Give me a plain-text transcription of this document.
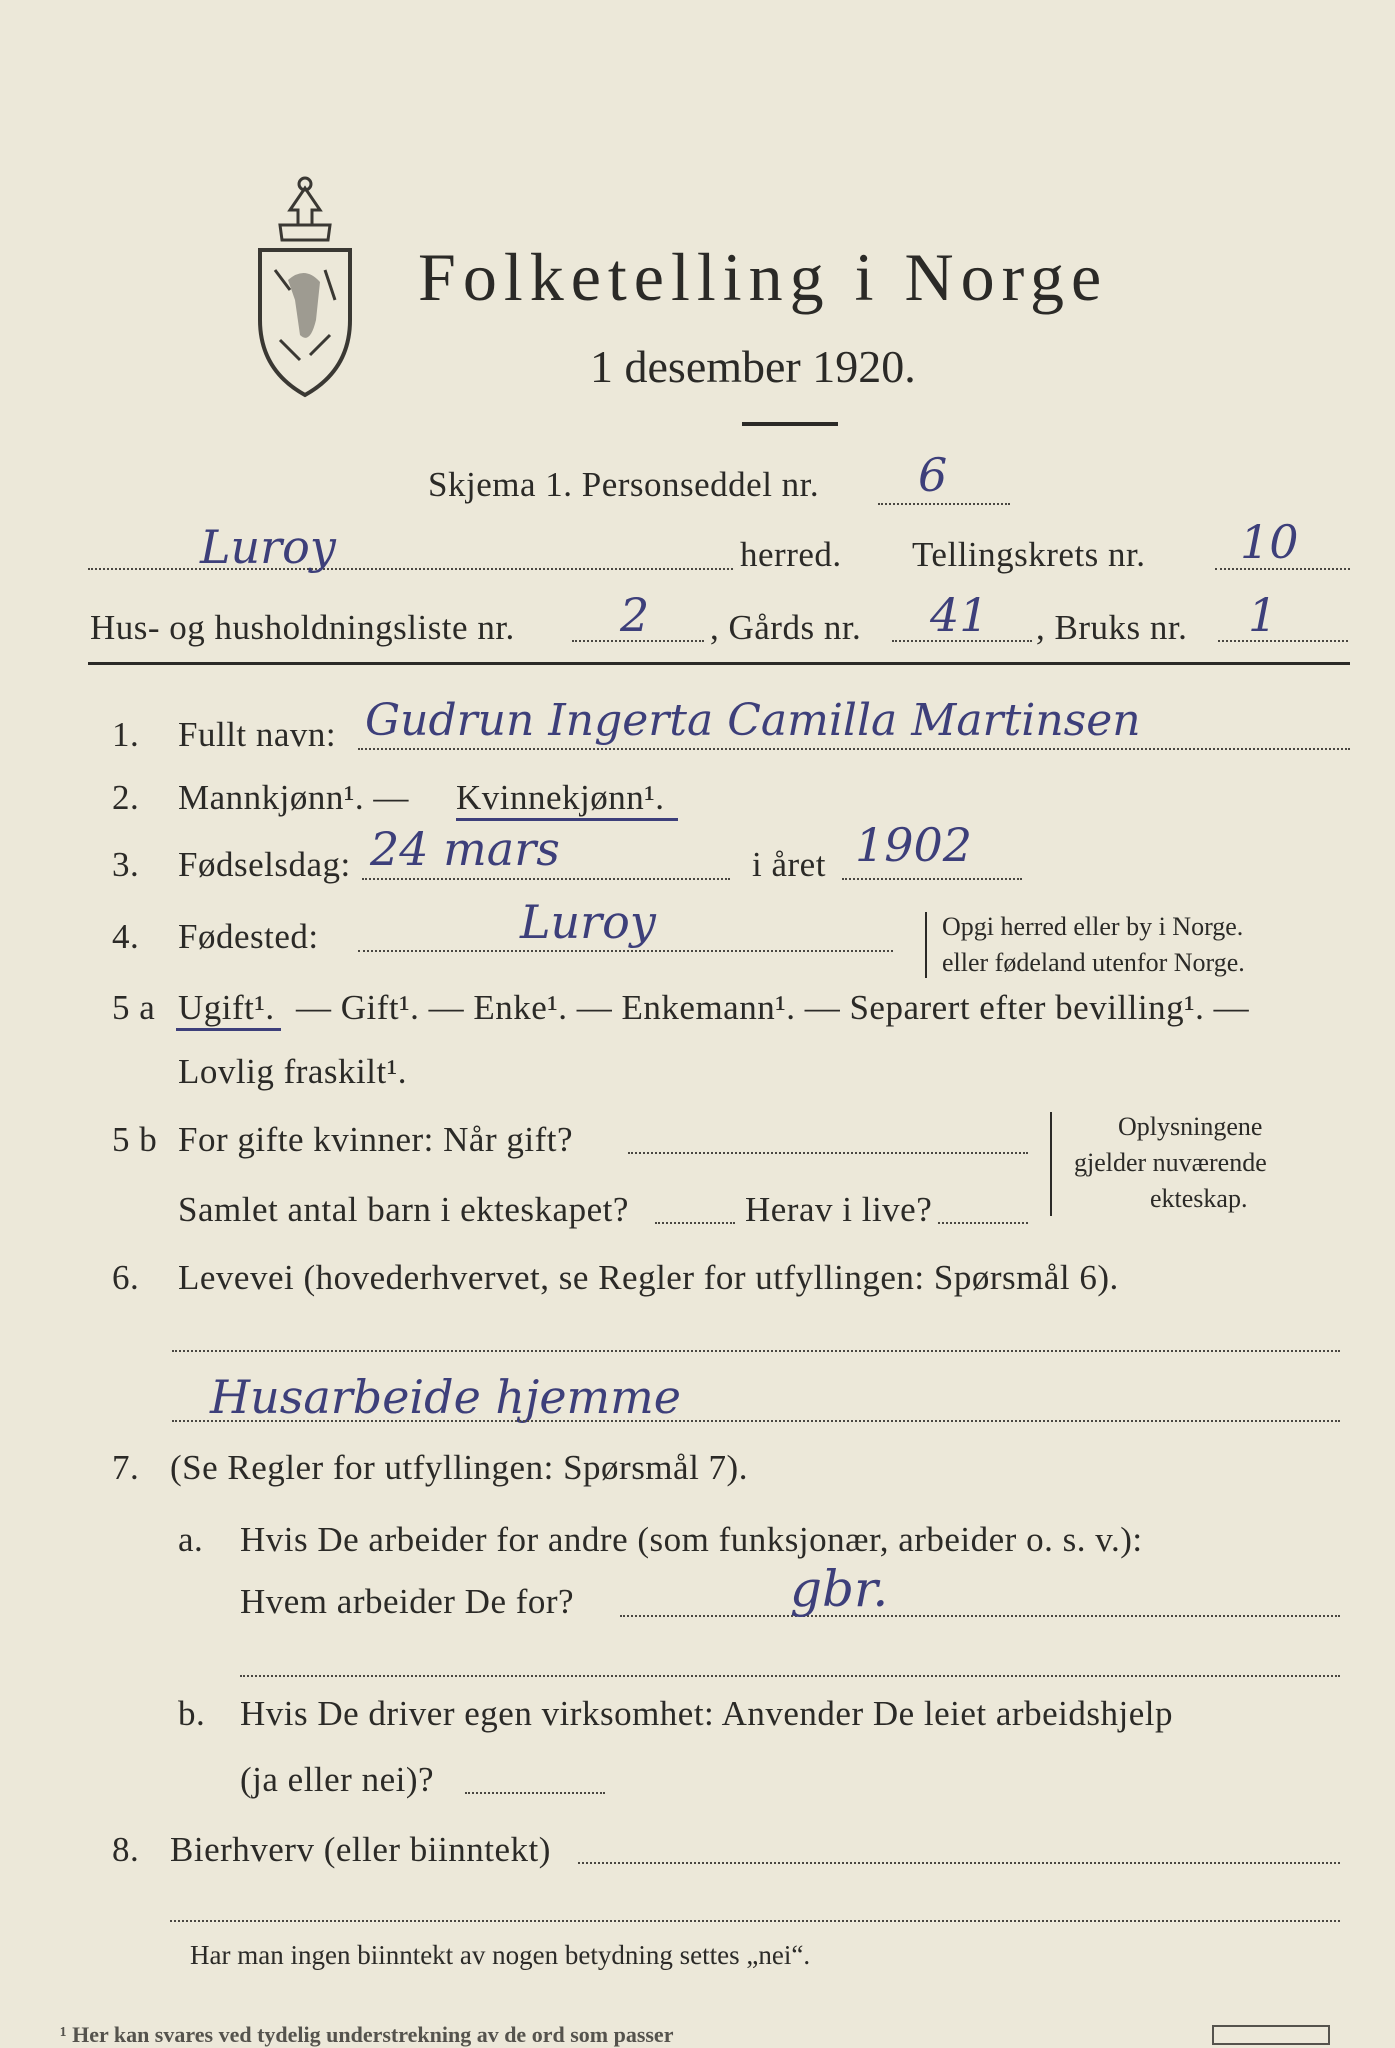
Folketelling i Norge
1 desember 1920.
Skjema 1. Personseddel nr. 6
Luroy	herred. Tellingskrets nr. 10
Hus- og husholdningsliste nr. 2 , Gårds nr. 41 , Bruks nr. 1
1. Fullt navn: Gudrun Ingerta Camilla Martinsen
2. Mannkjønn¹. — Kvinnekjønn¹.
3. Fødselsdag: 24 mars	i året 1902
4. Fødested:	Luroy	Opgi herred eller by i Norge.
eller fødeland utenfor Norge.
5 a Ugift¹. — Gift¹. — Enke¹. — Enkemann¹. — Separert efter bevilling¹. —
Lovlig fraskilt¹.
5 b For gifte kvinner: Når gift?
Samlet antal barn i ekteskapet?	Herav i live?
Oplysningene
gjelder nuværende
ekteskap.
6. Levevei (hovederhvervet, se Regler for utfyllingen: Spørsmål 6).
Husarbeide hjemme
7. (Se Regler for utfyllingen: Spørsmål 7).
a. Hvis De arbeider for andre (som funksjonær, arbeider o. s. v.):
Hvem arbeider De for?	gbr.
b. Hvis De driver egen virksomhet: Anvender De leiet arbeidshjelp
(ja eller nei)?
8. Bierhverv (eller biinntekt)
Har man ingen biinntekt av nogen betydning settes „nei“.
¹ Her kan svares ved tydelig understrekning av de ord som passer
